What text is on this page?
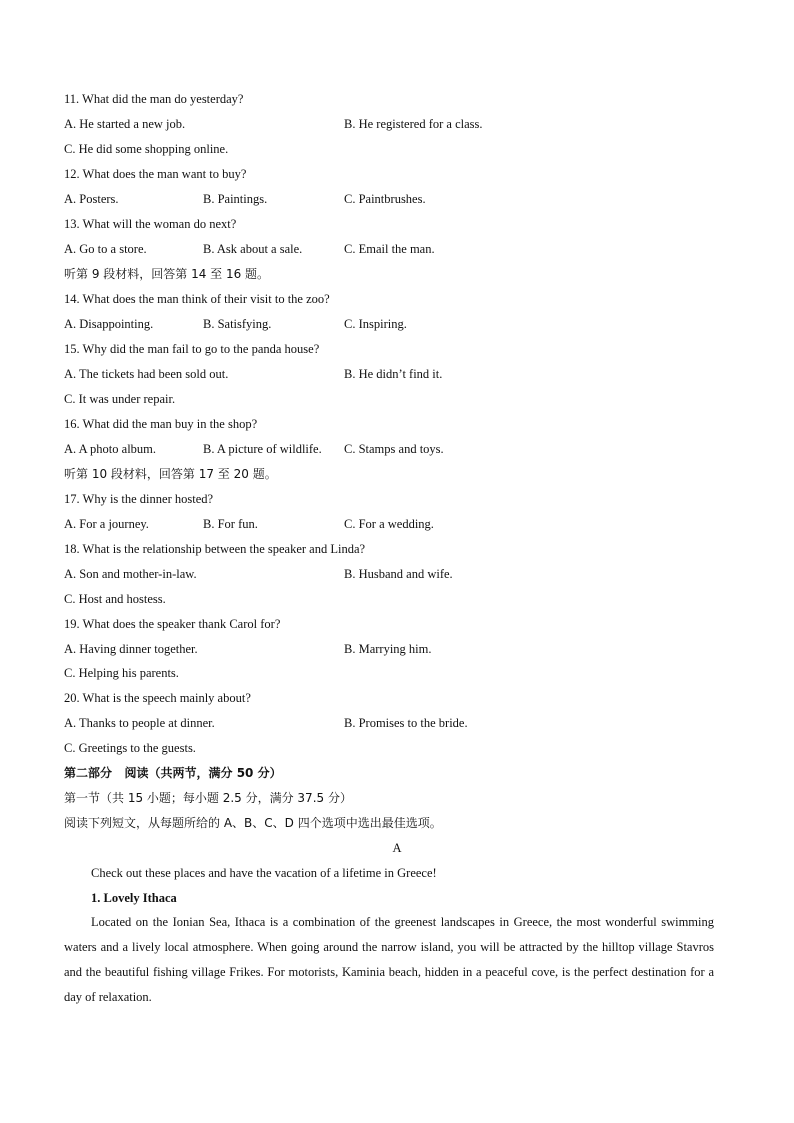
11. What did the man do yesterday?
A. He started a new job.	B. He registered for a class.
C. He did some shopping online.
12. What does the man want to buy?
A. Posters.	B. Paintings.	C. Paintbrushes.
13. What will the woman do next?
A. Go to a store.	B. Ask about a sale.	C. Email the man.
听第 9 段材料，回答第 14 至 16 题。
14. What does the man think of their visit to the zoo?
A. Disappointing.	B. Satisfying.	C. Inspiring.
15. Why did the man fail to go to the panda house?
A. The tickets had been sold out.	B. He didn’t find it.
C. It was under repair.
16. What did the man buy in the shop?
A. A photo album.	B. A picture of wildlife. C. Stamps and toys.
听第 10 段材料，回答第 17 至 20 题。
17. Why is the dinner hosted?
A. For a journey.	B. For fun.	C. For a wedding.
18. What is the relationship between the speaker and Linda?
A. Son and mother-in-law.	B. Husband and wife.
C. Host and hostess.
19. What does the speaker thank Carol for?
A. Having dinner together.	B. Marrying him.
C. Helping his parents.
20. What is the speech mainly about?
A. Thanks to people at dinner.	B. Promises to the bride.
C. Greetings to the guests.
第二部分   阅读（共两节，满分 50 分）
第一节（共 15 小题；每小题 2.5 分，满分 37.5 分）
阅读下列短文，从每题所给的 A、B、C、D 四个选项中选出最佳选项。
A
Check out these places and have the vacation of a lifetime in Greece!
1. Lovely Ithaca
Located on the Ionian Sea, Ithaca is a combination of the greenest landscapes in Greece, the most wonderful swimming waters and a lively local atmosphere. When going around the narrow island, you will be attracted by the hilltop village Stavros and the beautiful fishing village Frikes. For motorists, Kaminia beach, hidden in a peaceful cove, is the perfect destination for a day of relaxation.
